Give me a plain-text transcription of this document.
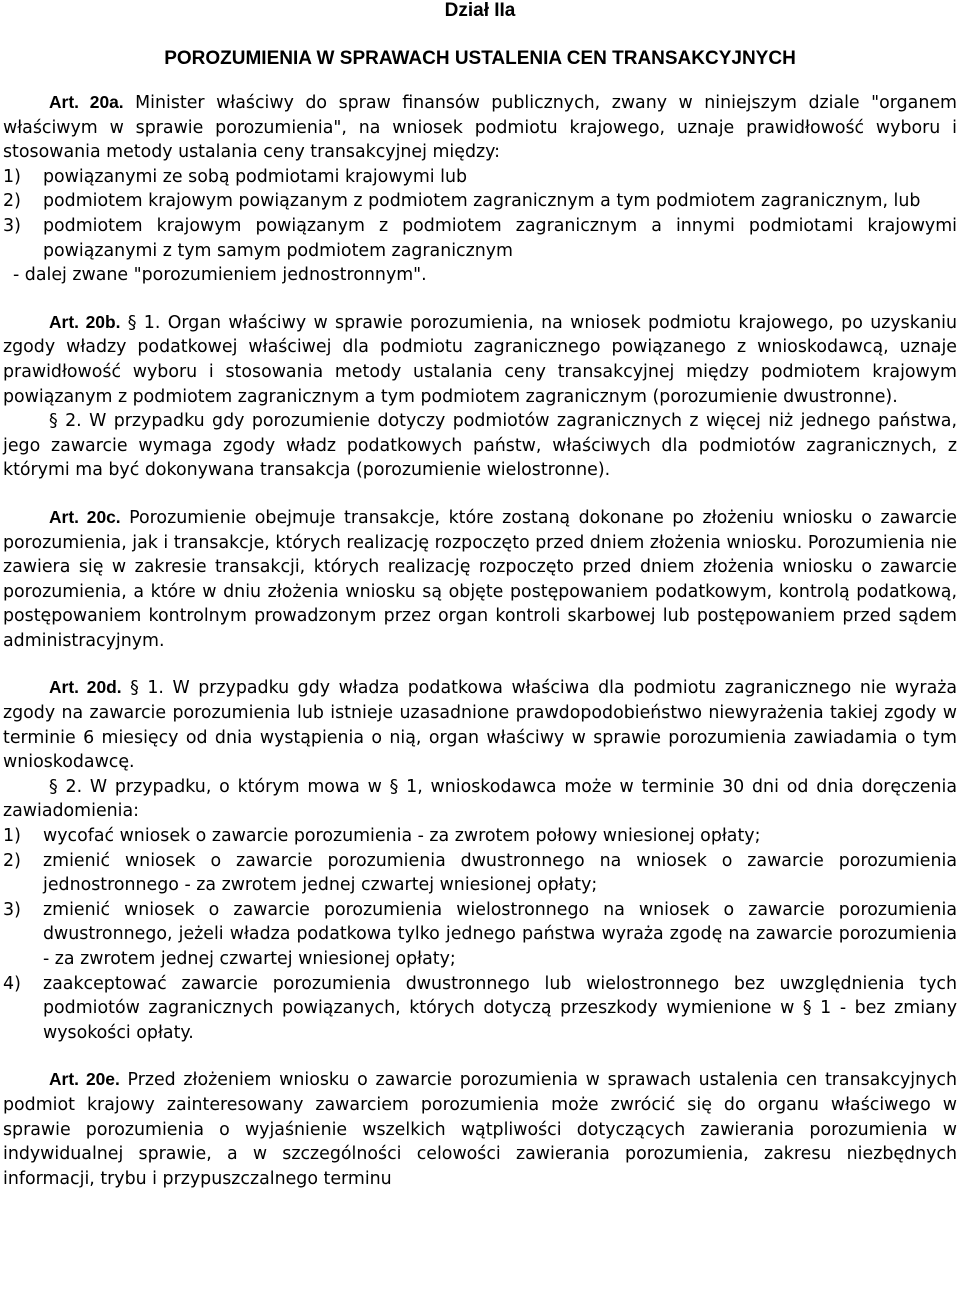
Dział IIa
POROZUMIENIA W SPRAWACH USTALENIA CEN TRANSAKCYJNYCH

Art. 20a. Minister właściwy do spraw finansów publicznych, zwany w niniejszym dziale "organem właściwym w sprawie porozumienia", na wniosek podmiotu krajowego, uznaje prawidłowość wyboru i stosowania metody ustalania ceny transakcyjnej między:

1)	powiązanymi ze sobą podmiotami krajowymi lub
2)	podmiotem krajowym powiązanym z podmiotem zagranicznym a tym podmiotem zagranicznym, lub
3)	podmiotem krajowym powiązanym z podmiotem zagranicznym a innymi podmiotami krajowymi powiązanymi z tym samym podmiotem zagranicznym

- dalej zwane "porozumieniem jednostronnym".

Art. 20b. § 1. Organ właściwy w sprawie porozumienia, na wniosek podmiotu krajowego, po uzyskaniu zgody władzy podatkowej właściwej dla podmiotu zagranicznego powiązanego z wnioskodawcą, uznaje prawidłowość wyboru i stosowania metody ustalania ceny transakcyjnej między podmiotem krajowym powiązanym z podmiotem zagranicznym a tym podmiotem zagranicznym (porozumienie dwustronne).

§ 2. W przypadku gdy porozumienie dotyczy podmiotów zagranicznych z więcej niż jednego państwa, jego zawarcie wymaga zgody władz podatkowych państw, właściwych dla podmiotów zagranicznych, z którymi ma być dokonywana transakcja (porozumienie wielostronne).

Art. 20c. Porozumienie obejmuje transakcje, które zostaną dokonane po złożeniu wniosku o zawarcie porozumienia, jak i transakcje, których realizację rozpoczęto przed dniem złożenia wniosku. Porozumienia nie zawiera się w zakresie transakcji, których realizację rozpoczęto przed dniem złożenia wniosku o zawarcie porozumienia, a które w dniu złożenia wniosku są objęte postępowaniem podatkowym, kontrolą podatkową, postępowaniem kontrolnym prowadzonym przez organ kontroli skarbowej lub postępowaniem przed sądem administracyjnym.

Art. 20d. § 1. W przypadku gdy władza podatkowa właściwa dla podmiotu zagranicznego nie wyraża zgody na zawarcie porozumienia lub istnieje uzasadnione prawdopodobieństwo niewyrażenia takiej zgody w terminie 6 miesięcy od dnia wystąpienia o nią, organ właściwy w sprawie porozumienia zawiadamia o tym wnioskodawcę.

§ 2. W przypadku, o którym mowa w § 1, wnioskodawca może w terminie 30 dni od dnia doręczenia zawiadomienia:

1)	wycofać wniosek o zawarcie porozumienia - za zwrotem połowy wniesionej opłaty;
2)	zmienić wniosek o zawarcie porozumienia dwustronnego na wniosek o zawarcie porozumienia jednostronnego - za zwrotem jednej czwartej wniesionej opłaty;
3)	zmienić wniosek o zawarcie porozumienia wielostronnego na wniosek o zawarcie porozumienia dwustronnego, jeżeli władza podatkowa tylko jednego państwa wyraża zgodę na zawarcie porozumienia - za zwrotem jednej czwartej wniesionej opłaty;
4)	zaakceptować zawarcie porozumienia dwustronnego lub wielostronnego bez uwzględnienia tych podmiotów zagranicznych powiązanych, których dotyczą przeszkody wymienione w § 1 - bez zmiany wysokości opłaty.

Art. 20e. Przed złożeniem wniosku o zawarcie porozumienia w sprawach ustalenia cen transakcyjnych podmiot krajowy zainteresowany zawarciem porozumienia może zwrócić się do organu właściwego w sprawie porozumienia o wyjaśnienie wszelkich wątpliwości dotyczących zawierania porozumienia w indywidualnej sprawie, a w szczególności celowości zawierania porozumienia, zakresu niezbędnych informacji, trybu i przypuszczalnego terminu
